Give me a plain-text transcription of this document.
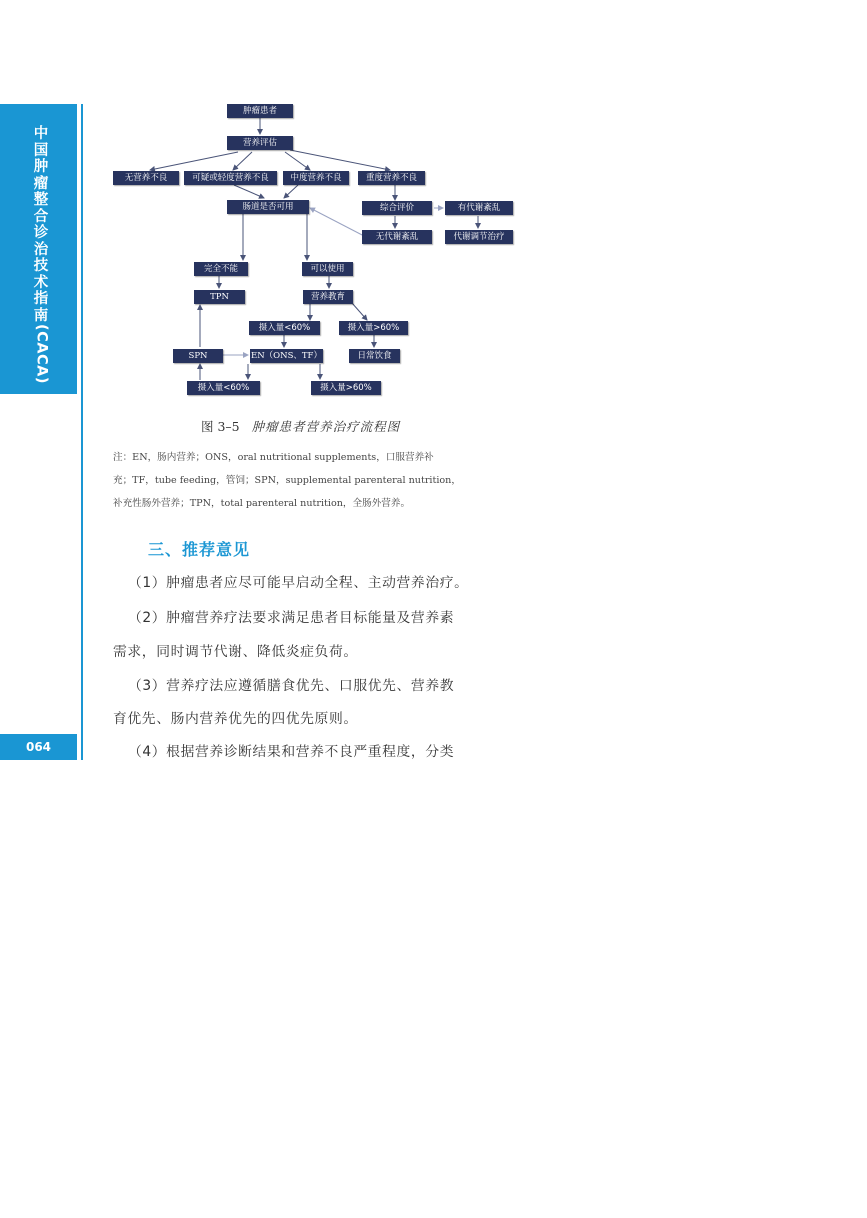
中国肿瘤整合诊治技术指南 (CACA)
064
肿瘤患者
营养评估
无营养不良	可疑或轻度营养不良	中度营养不良	重度营养不良
肠道是否可用	综合评价	有代谢紊乱
无代谢紊乱	代谢调节治疗
完全不能	可以使用
TPN	营养教育
摄入量<60%	摄入量>60%
SPN	EN（ONS、TF）	日常饮食
摄入量<60%	摄入量>60%
图 3–5 肿瘤患者营养治疗流程图
注：EN，肠内营养；ONS，oral nutritional supplements，口服营养补
充；TF，tube feeding，管饲；SPN，supplemental parenteral nutrition，
补充性肠外营养；TPN，total parenteral nutrition，全肠外营养。
三、推荐意见
（1）肿瘤患者应尽可能早启动全程、主动营养治疗。
（2）肿瘤营养疗法要求满足患者目标能量及营养素
需求，同时调节代谢、降低炎症负荷。
（3）营养疗法应遵循膳食优先、口服优先、营养教
育优先、肠内营养优先的四优先原则。
（4）根据营养诊断结果和营养不良严重程度，分类
